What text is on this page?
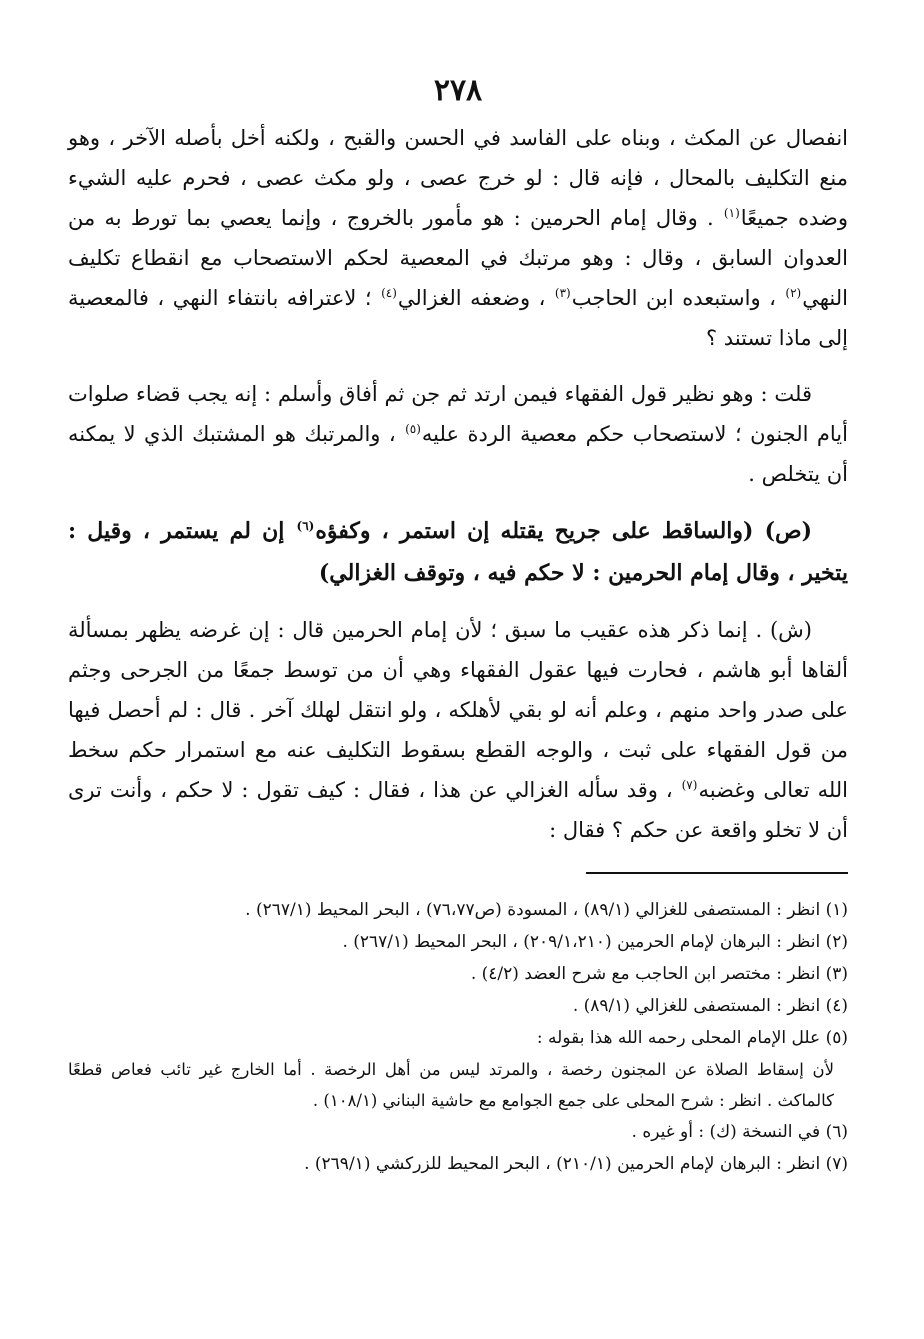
٢٧٨

انفصال عن المكث ، وبناه على الفاسد في الحسن والقبح ، ولكنه أخل بأصله الآخر ، وهو منع التكليف بالمحال ، فإنه قال : لو خرج عصى ، ولو مكث عصى ، فحرم عليه الشيء وضده جميعًا$^{(١)}$ . وقال إمام الحرمين : هو مأمور بالخروج ، وإنما يعصي بما تورط به من العدوان السابق ، وقال : وهو مرتبك في المعصية لحكم الاستصحاب مع انقطاع تكليف النهي$^{(٢)}$ ، واستبعده ابن الحاجب$^{(٣)}$ ، وضعفه الغزالي$^{(٤)}$ ؛ لاعترافه بانتفاء النهي ، فالمعصية إلى ماذا تستند ؟

قلت : وهو نظير قول الفقهاء فيمن ارتد ثم جن ثم أفاق وأسلم : إنه يجب قضاء صلوات أيام الجنون ؛ لاستصحاب حكم معصية الردة عليه$^{(٥)}$ ، والمرتبك هو المشتبك الذي لا يمكنه أن يتخلص .

(ص) (والساقط على جريح يقتله إن استمر ، وكفؤه$^{(٦)}$ إن لم يستمر ، وقيل : يتخير ، وقال إمام الحرمين : لا حكم فيه ، وتوقف الغزالي)

(ش) . إنما ذكر هذه عقيب ما سبق ؛ لأن إمام الحرمين قال : إن غرضه يظهر بمسألة ألقاها أبو هاشم ، فحارت فيها عقول الفقهاء وهي أن من توسط جمعًا من الجرحى وجثم على صدر واحد منهم ، وعلم أنه لو بقي لأهلكه ، ولو انتقل لهلك آخر . قال : لم أحصل فيها من قول الفقهاء على ثبت ، والوجه القطع بسقوط التكليف عنه مع استمرار حكم سخط الله تعالى وغضبه$^{(٧)}$ ، وقد سأله الغزالي عن هذا ، فقال : كيف تقول : لا حكم ، وأنت ترى أن لا تخلو واقعة عن حكم ؟ فقال :

(١) انظر : المستصفى للغزالي (٨٩/١) ، المسودة (ص٧٦،٧٧) ، البحر المحيط (٢٦٧/١) .
(٢) انظر : البرهان لإمام الحرمين (٢٠٩/١،٢١٠) ، البحر المحيط (٢٦٧/١) .
(٣) انظر : مختصر ابن الحاجب مع شرح العضد (٤/٢) .
(٤) انظر : المستصفى للغزالي (٨٩/١) .
(٥) علل الإمام المحلى رحمه الله هذا بقوله :
لأن إسقاط الصلاة عن المجنون رخصة ، والمرتد ليس من أهل الرخصة . أما الخارج غير تائب فعاص قطعًا كالماكث . انظر : شرح المحلى على جمع الجوامع مع حاشية البناني (١٠٨/١) .
(٦) في النسخة (ك) : أو غيره .
(٧) انظر : البرهان لإمام الحرمين (٢١٠/١) ، البحر المحيط للزركشي (٢٦٩/١) .
